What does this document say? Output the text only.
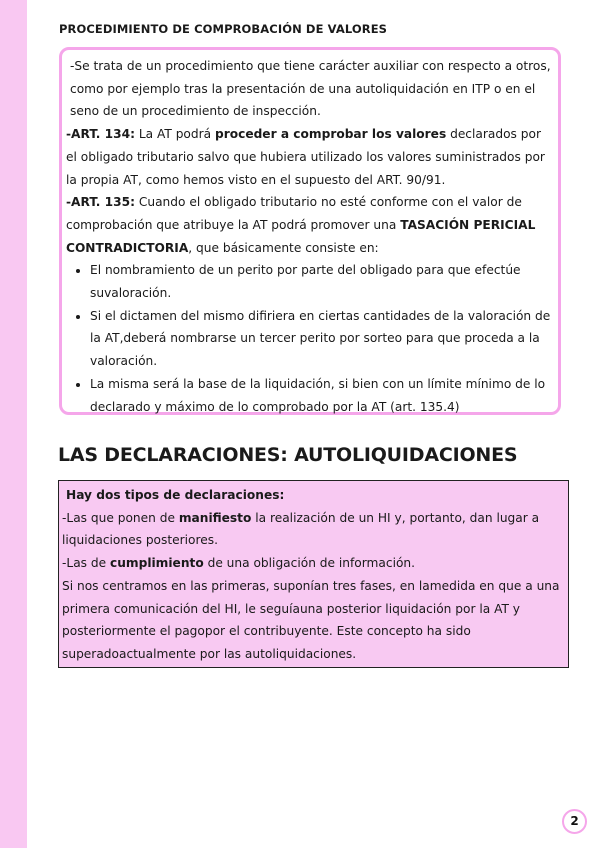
PROCEDIMIENTO DE COMPROBACIÓN DE VALORES

-Se trata de un procedimiento que tiene carácter auxiliar con respecto a otros, como por ejemplo tras la presentación de una autoliquidación en ITP o en el seno de un procedimiento de inspección.

-ART. 134: La AT podrá proceder a comprobar los valores declarados por el obligado tributario salvo que hubiera utilizado los valores suministrados por la propia AT, como hemos visto en el supuesto del ART. 90/91.

-ART. 135: Cuando el obligado tributario no esté conforme con el valor de comprobación que atribuye la AT podrá promover una TASACIÓN PERICIAL CONTRADICTORIA, que básicamente consiste en:

• El nombramiento de un perito por parte del obligado para que efectúe suvaloración.
• Si el dictamen del mismo difiriera en ciertas cantidades de la valoración de la AT,deberá nombrarse un tercer perito por sorteo para que proceda a la valoración.
• La misma será la base de la liquidación, si bien con un límite mínimo de lo declarado y máximo de lo comprobado por la AT (art. 135.4)
LAS DECLARACIONES: AUTOLIQUIDACIONES

Hay dos tipos de declaraciones:

-Las que ponen de manifiesto la realización de un HI y, portanto, dan lugar a liquidaciones posteriores.

-Las de cumplimiento de una obligación de información.

Si nos centramos en las primeras, suponían tres fases, en lamedida en que a una primera comunicación del HI, le seguíauna posterior liquidación por la AT y posteriormente el pagopor el contribuyente. Este concepto ha sido superadoactualmente por las autoliquidaciones.

2
